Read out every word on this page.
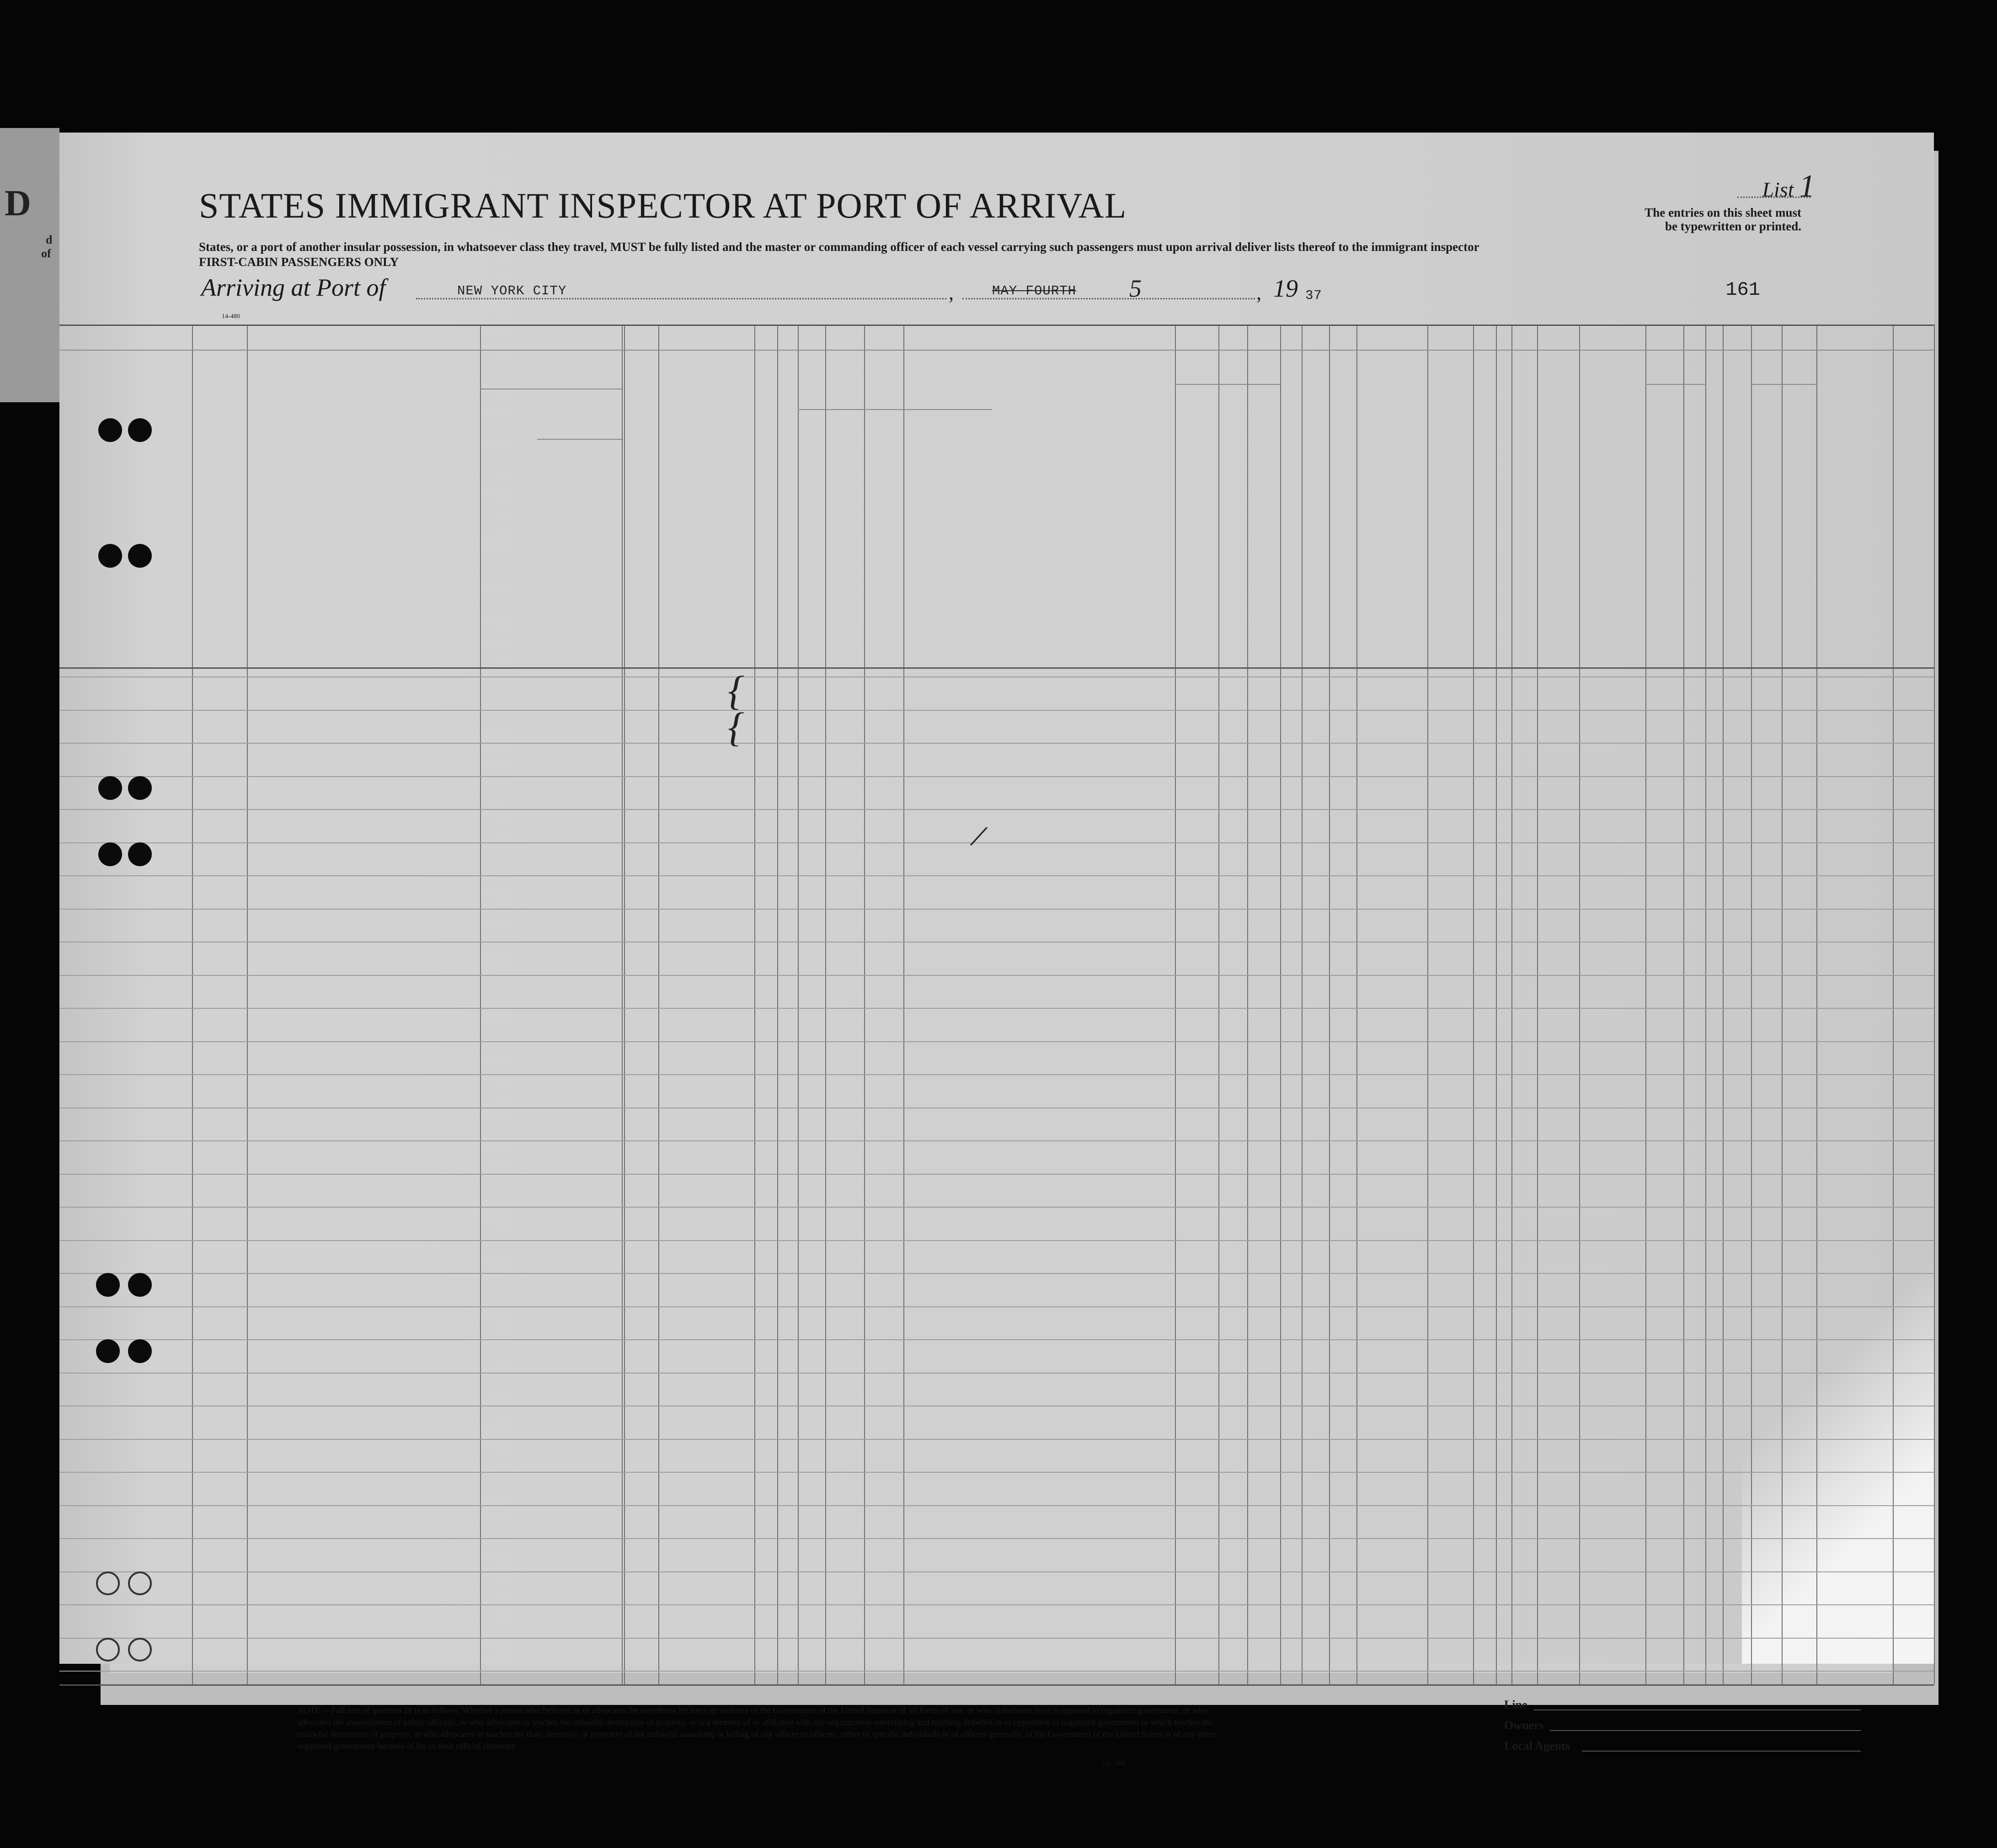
D
d
of
STATES IMMIGRANT INSPECTOR AT PORT OF ARRIVAL
States, or a port of another insular possession, in whatsoever class they travel, MUST be fully listed and the master or commanding officer of each vessel carrying such passengers must upon arrival deliver lists thereof to the immigrant inspector
FIRST-CABIN PASSENGERS ONLY
Arriving at Port of	NEW YORK CITY	,	MAY FOURTH 5	, 19 37
List 1
The entries on this sheet must
be typewritten or printed.
161
14-480
{
{
/
NOTE.—Full text of question 28 is as follows: Whether a person who believes in or advocates the overthrow by force or violence of the Government of the United States or of all forms of law, or who disbelieves in or is opposed to organized government, or who advocates the assassination of public officials, or who advocates or teaches the unlawful destruction of property, or is a member of or affiliated with any organization entertaining and teaching disbelief in or opposition to organized government or which teaches the unlawful destruction of property, or who advocates or teaches the duty, necessity, or propriety of the unlawful assaulting or killing of any officer or officers, either of specific individuals or of officers generally, of the Government of the United States or of any other organized government because of his or their official character.
14—480
Line
Owners
Local Agents
